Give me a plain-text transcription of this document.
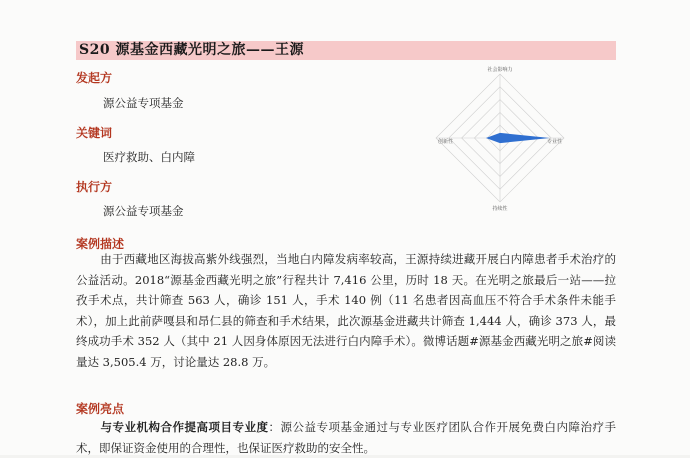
S20 源基金西藏光明之旅——王源
发起方
源公益专项基金
关键词
医疗救助、白内障
执行方
源公益专项基金
社会影响力
专业性
持续性
创新性
案例描述
由于西藏地区海拔高紫外线强烈，当地白内障发病率较高，王源持续进藏开展白内障患者手术治疗的公益活动。2018“源基金西藏光明之旅”行程共计 7,416 公里，历时 18 天。在光明之旅最后一站——拉孜手术点，共计筛查 563 人，确诊 151 人，手术 140 例（11 名患者因高血压不符合手术条件未能手术），加上此前萨嘎县和昂仁县的筛查和手术结果，此次源基金进藏共计筛查 1,444 人，确诊 373 人，最终成功手术 352 人（其中 21 人因身体原因无法进行白内障手术）。微博话题#源基金西藏光明之旅#阅读量达 3,505.4 万，讨论量达 28.8 万。
案例亮点
与专业机构合作提高项目专业度：源公益专项基金通过与专业医疗团队合作开展免费白内障治疗手术，即保证资金使用的合理性，也保证医疗救助的安全性。
